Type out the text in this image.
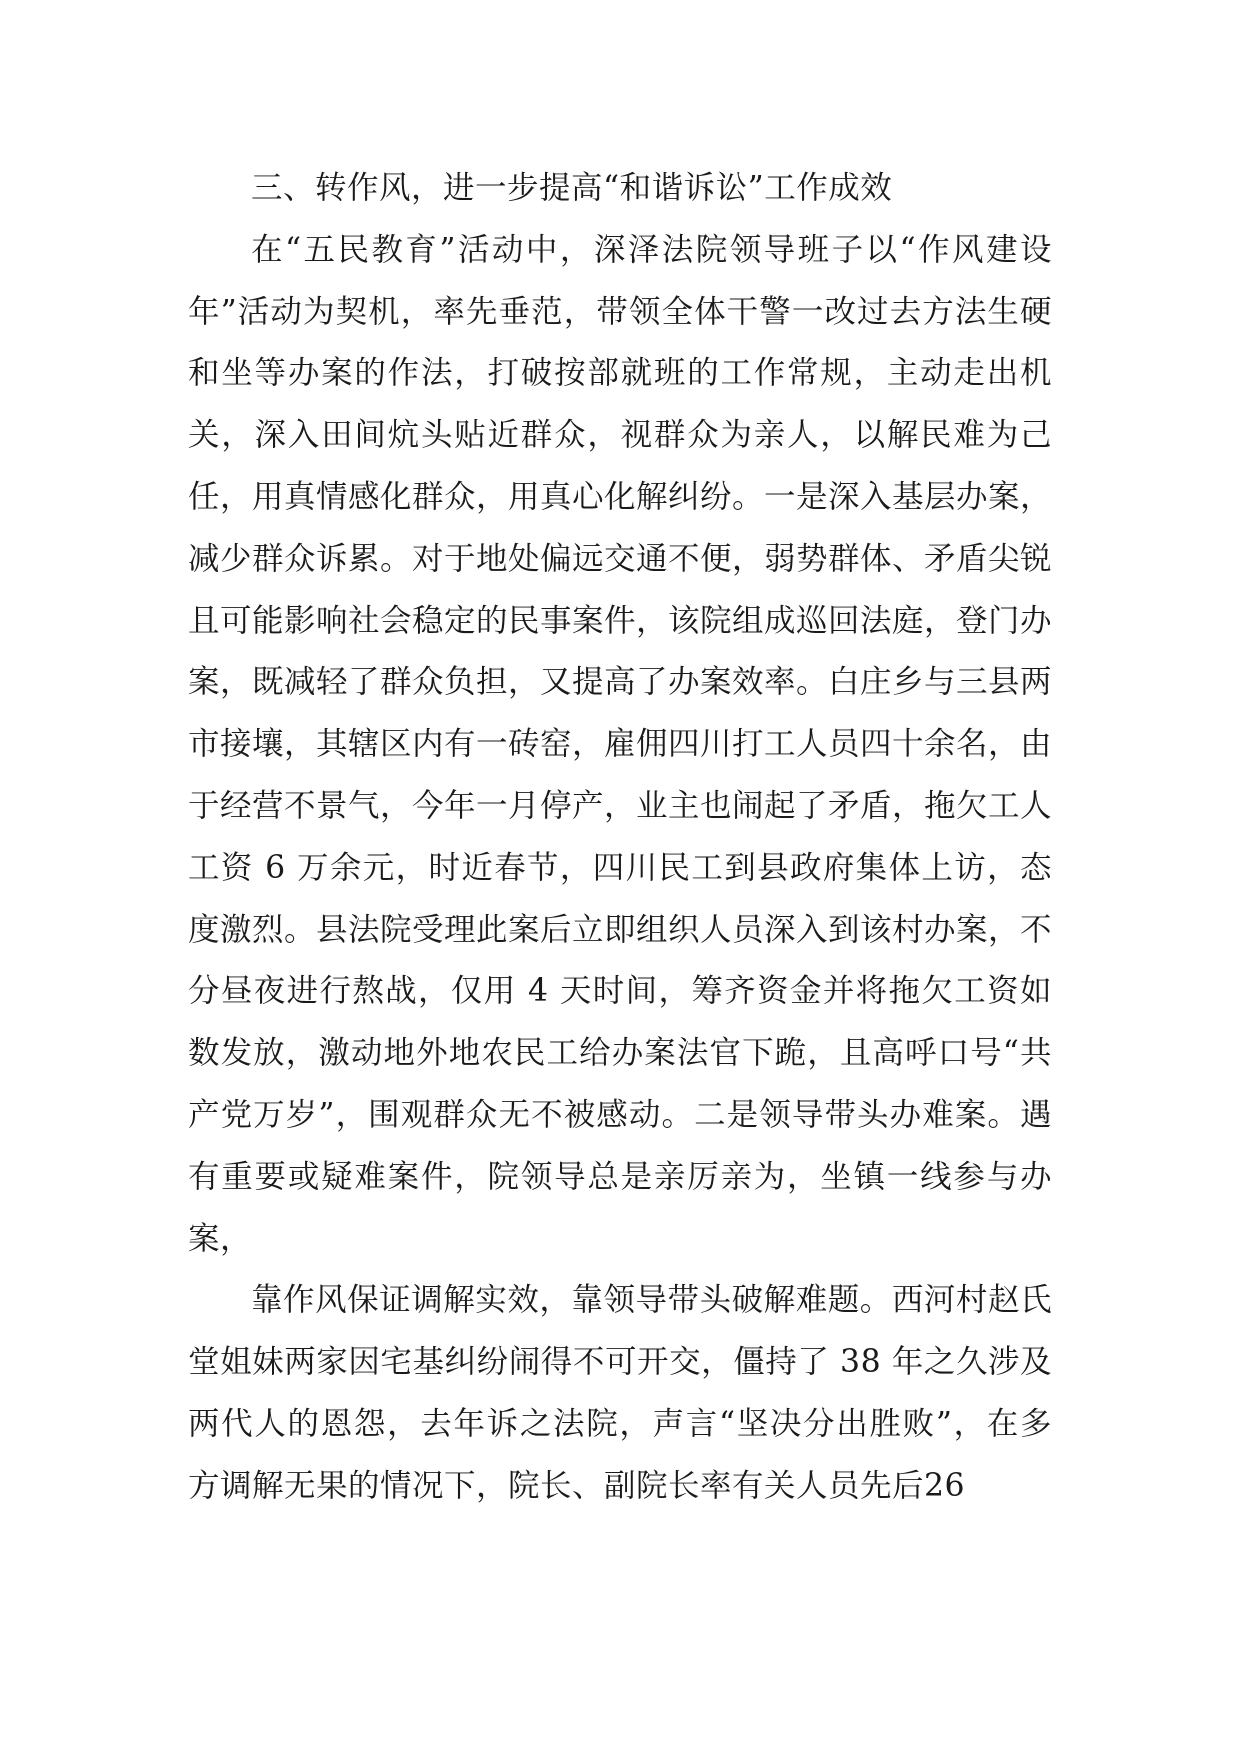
三、转作风，进一步提高“和谐诉讼”工作成效

在“五民教育”活动中，深泽法院领导班子以“作风建设年”活动为契机，率先垂范，带领全体干警一改过去方法生硬和坐等办案的作法，打破按部就班的工作常规，主动走出机关，深入田间炕头贴近群众，视群众为亲人，以解民难为己任，用真情感化群众，用真心化解纠纷。一是深入基层办案，减少群众诉累。对于地处偏远交通不便，弱势群体、矛盾尖锐且可能影响社会稳定的民事案件，该院组成巡回法庭，登门办案，既减轻了群众负担，又提高了办案效率。白庄乡与三县两市接壤，其辖区内有一砖窑，雇佣四川打工人员四十余名，由于经营不景气，今年一月停产，业主也闹起了矛盾，拖欠工人工资 6 万余元，时近春节，四川民工到县政府集体上访，态度激烈。县法院受理此案后立即组织人员深入到该村办案，不分昼夜进行熬战，仅用 4 天时间，筹齐资金并将拖欠工资如数发放，激动地外地农民工给办案法官下跪，且高呼口号“共产党万岁”，围观群众无不被感动。二是领导带头办难案。遇有重要或疑难案件，院领导总是亲厉亲为，坐镇一线参与办案，

靠作风保证调解实效，靠领导带头破解难题。西河村赵氏堂姐妹两家因宅基纠纷闹得不可开交，僵持了 38 年之久涉及两代人的恩怨，去年诉之法院，声言“坚决分出胜败”，在多方调解无果的情况下，院长、副院长率有关人员先后26
